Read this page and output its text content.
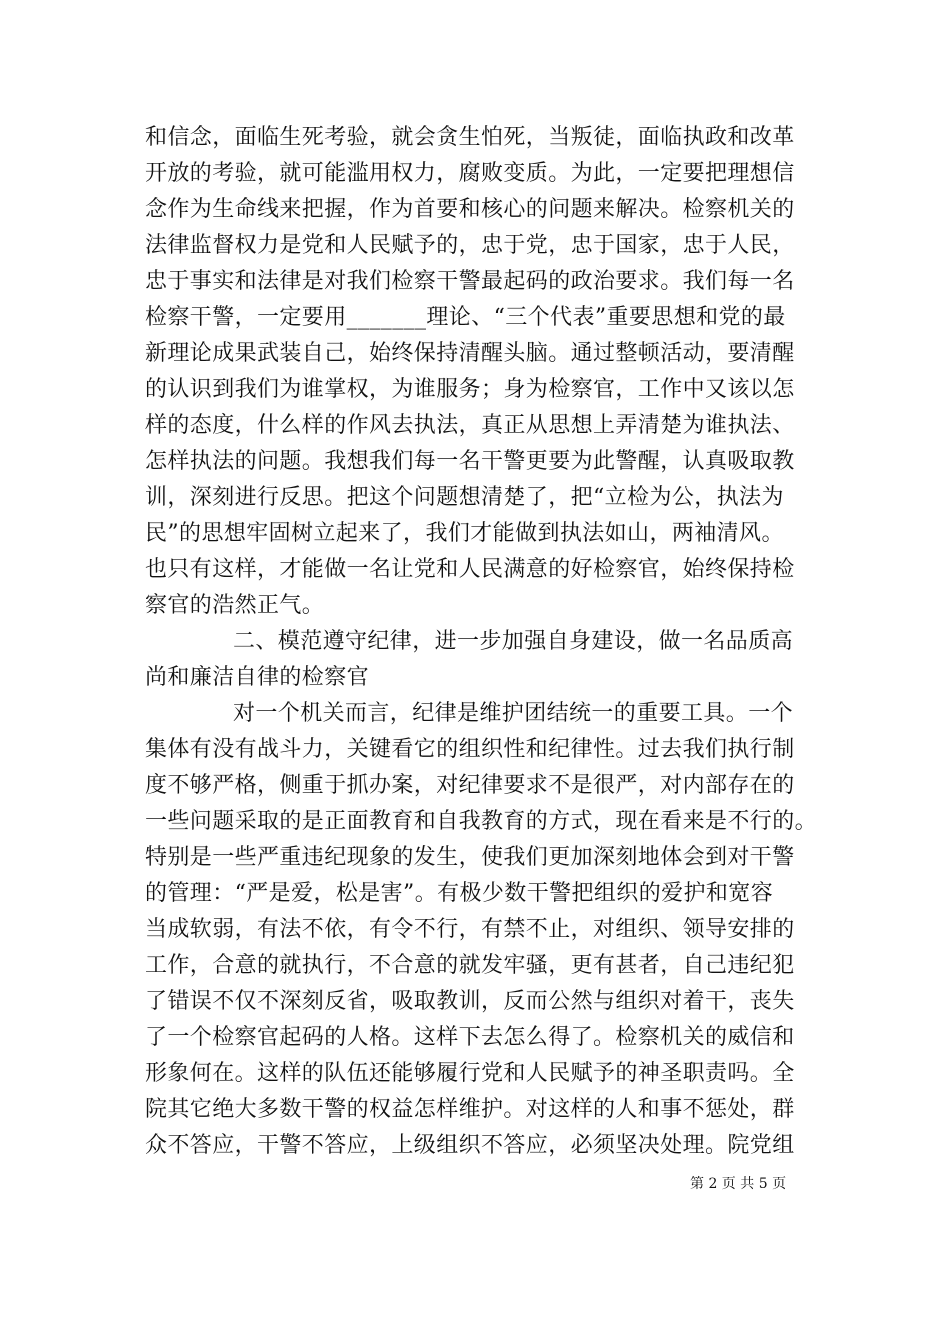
和信念，面临生死考验，就会贪生怕死，当叛徒，面临执政和改革
开放的考验，就可能滥用权力，腐败变质。为此，一定要把理想信
念作为生命线来把握，作为首要和核心的问题来解决。检察机关的
法律监督权力是党和人民赋予的，忠于党，忠于国家，忠于人民，
忠于事实和法律是对我们检察干警最起码的政治要求。我们每一名
检察干警，一定要用_______理论、“三个代表”重要思想和党的最
新理论成果武装自己，始终保持清醒头脑。通过整顿活动，要清醒
的认识到我们为谁掌权，为谁服务；身为检察官，工作中又该以怎
样的态度，什么样的作风去执法，真正从思想上弄清楚为谁执法、
怎样执法的问题。我想我们每一名干警更要为此警醒，认真吸取教
训，深刻进行反思。把这个问题想清楚了，把“立检为公，执法为
民”的思想牢固树立起来了，我们才能做到执法如山，两袖清风。
也只有这样，才能做一名让党和人民满意的好检察官，始终保持检
察官的浩然正气。
二、模范遵守纪律，进一步加强自身建设，做一名品质高
尚和廉洁自律的检察官
对一个机关而言，纪律是维护团结统一的重要工具。一个
集体有没有战斗力，关键看它的组织性和纪律性。过去我们执行制
度不够严格，侧重于抓办案，对纪律要求不是很严，对内部存在的
一些问题采取的是正面教育和自我教育的方式，现在看来是不行的。
特别是一些严重违纪现象的发生，使我们更加深刻地体会到对干警
的管理：“严是爱，松是害”。有极少数干警把组织的爱护和宽容
当成软弱，有法不依，有令不行，有禁不止，对组织、领导安排的
工作，合意的就执行，不合意的就发牢骚，更有甚者，自己违纪犯
了错误不仅不深刻反省，吸取教训，反而公然与组织对着干，丧失
了一个检察官起码的人格。这样下去怎么得了。检察机关的威信和
形象何在。这样的队伍还能够履行党和人民赋予的神圣职责吗。全
院其它绝大多数干警的权益怎样维护。对这样的人和事不惩处，群
众不答应，干警不答应，上级组织不答应，必须坚决处理。院党组
第 2 页 共 5 页
